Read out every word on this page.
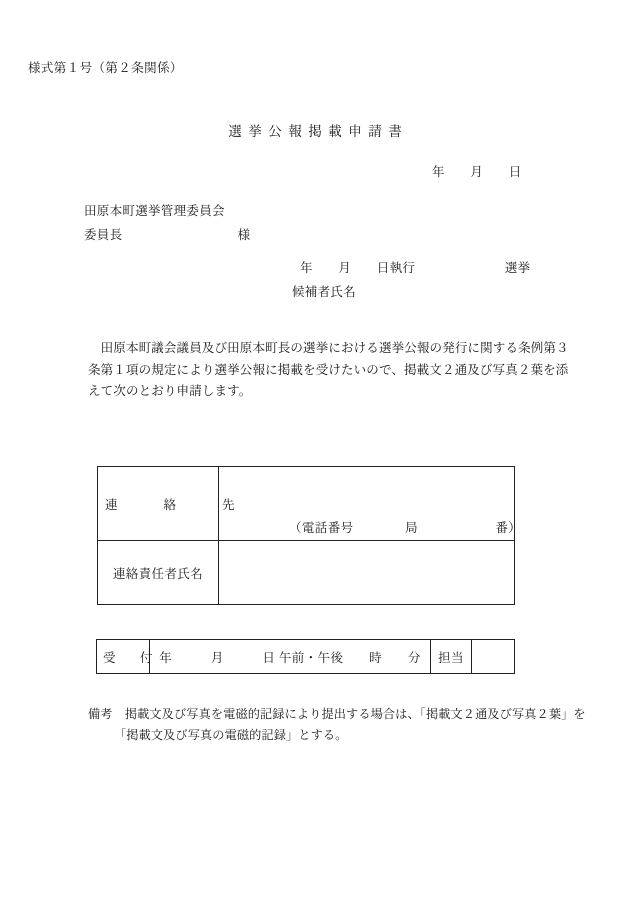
様式第１号（第２条関係）
選挙公報掲載申請書
年　　月　　日
田原本町選挙管理委員会
委員長　　　　　　　　　様
年　　月　　日執行　　　　　　　選挙
候補者氏名
　田原本町議会議員及び田原本町長の選挙における選挙公報の発行に関する条例第３
条第１項の規定により選挙公報に掲載を受けたいので、掲載文２通及び写真２葉を添
えて次のとおり申請します。
連　　絡　　先	（電話番号　　　　局　　　　　　番）

連絡責任者氏名	

受　付	年　　　月　　　日 午前・午後　　時　　分	担当	
備考　掲載文及び写真を電磁的記録により提出する場合は、「掲載文２通及び写真２葉」を
「掲載文及び写真の電磁的記録」とする。
